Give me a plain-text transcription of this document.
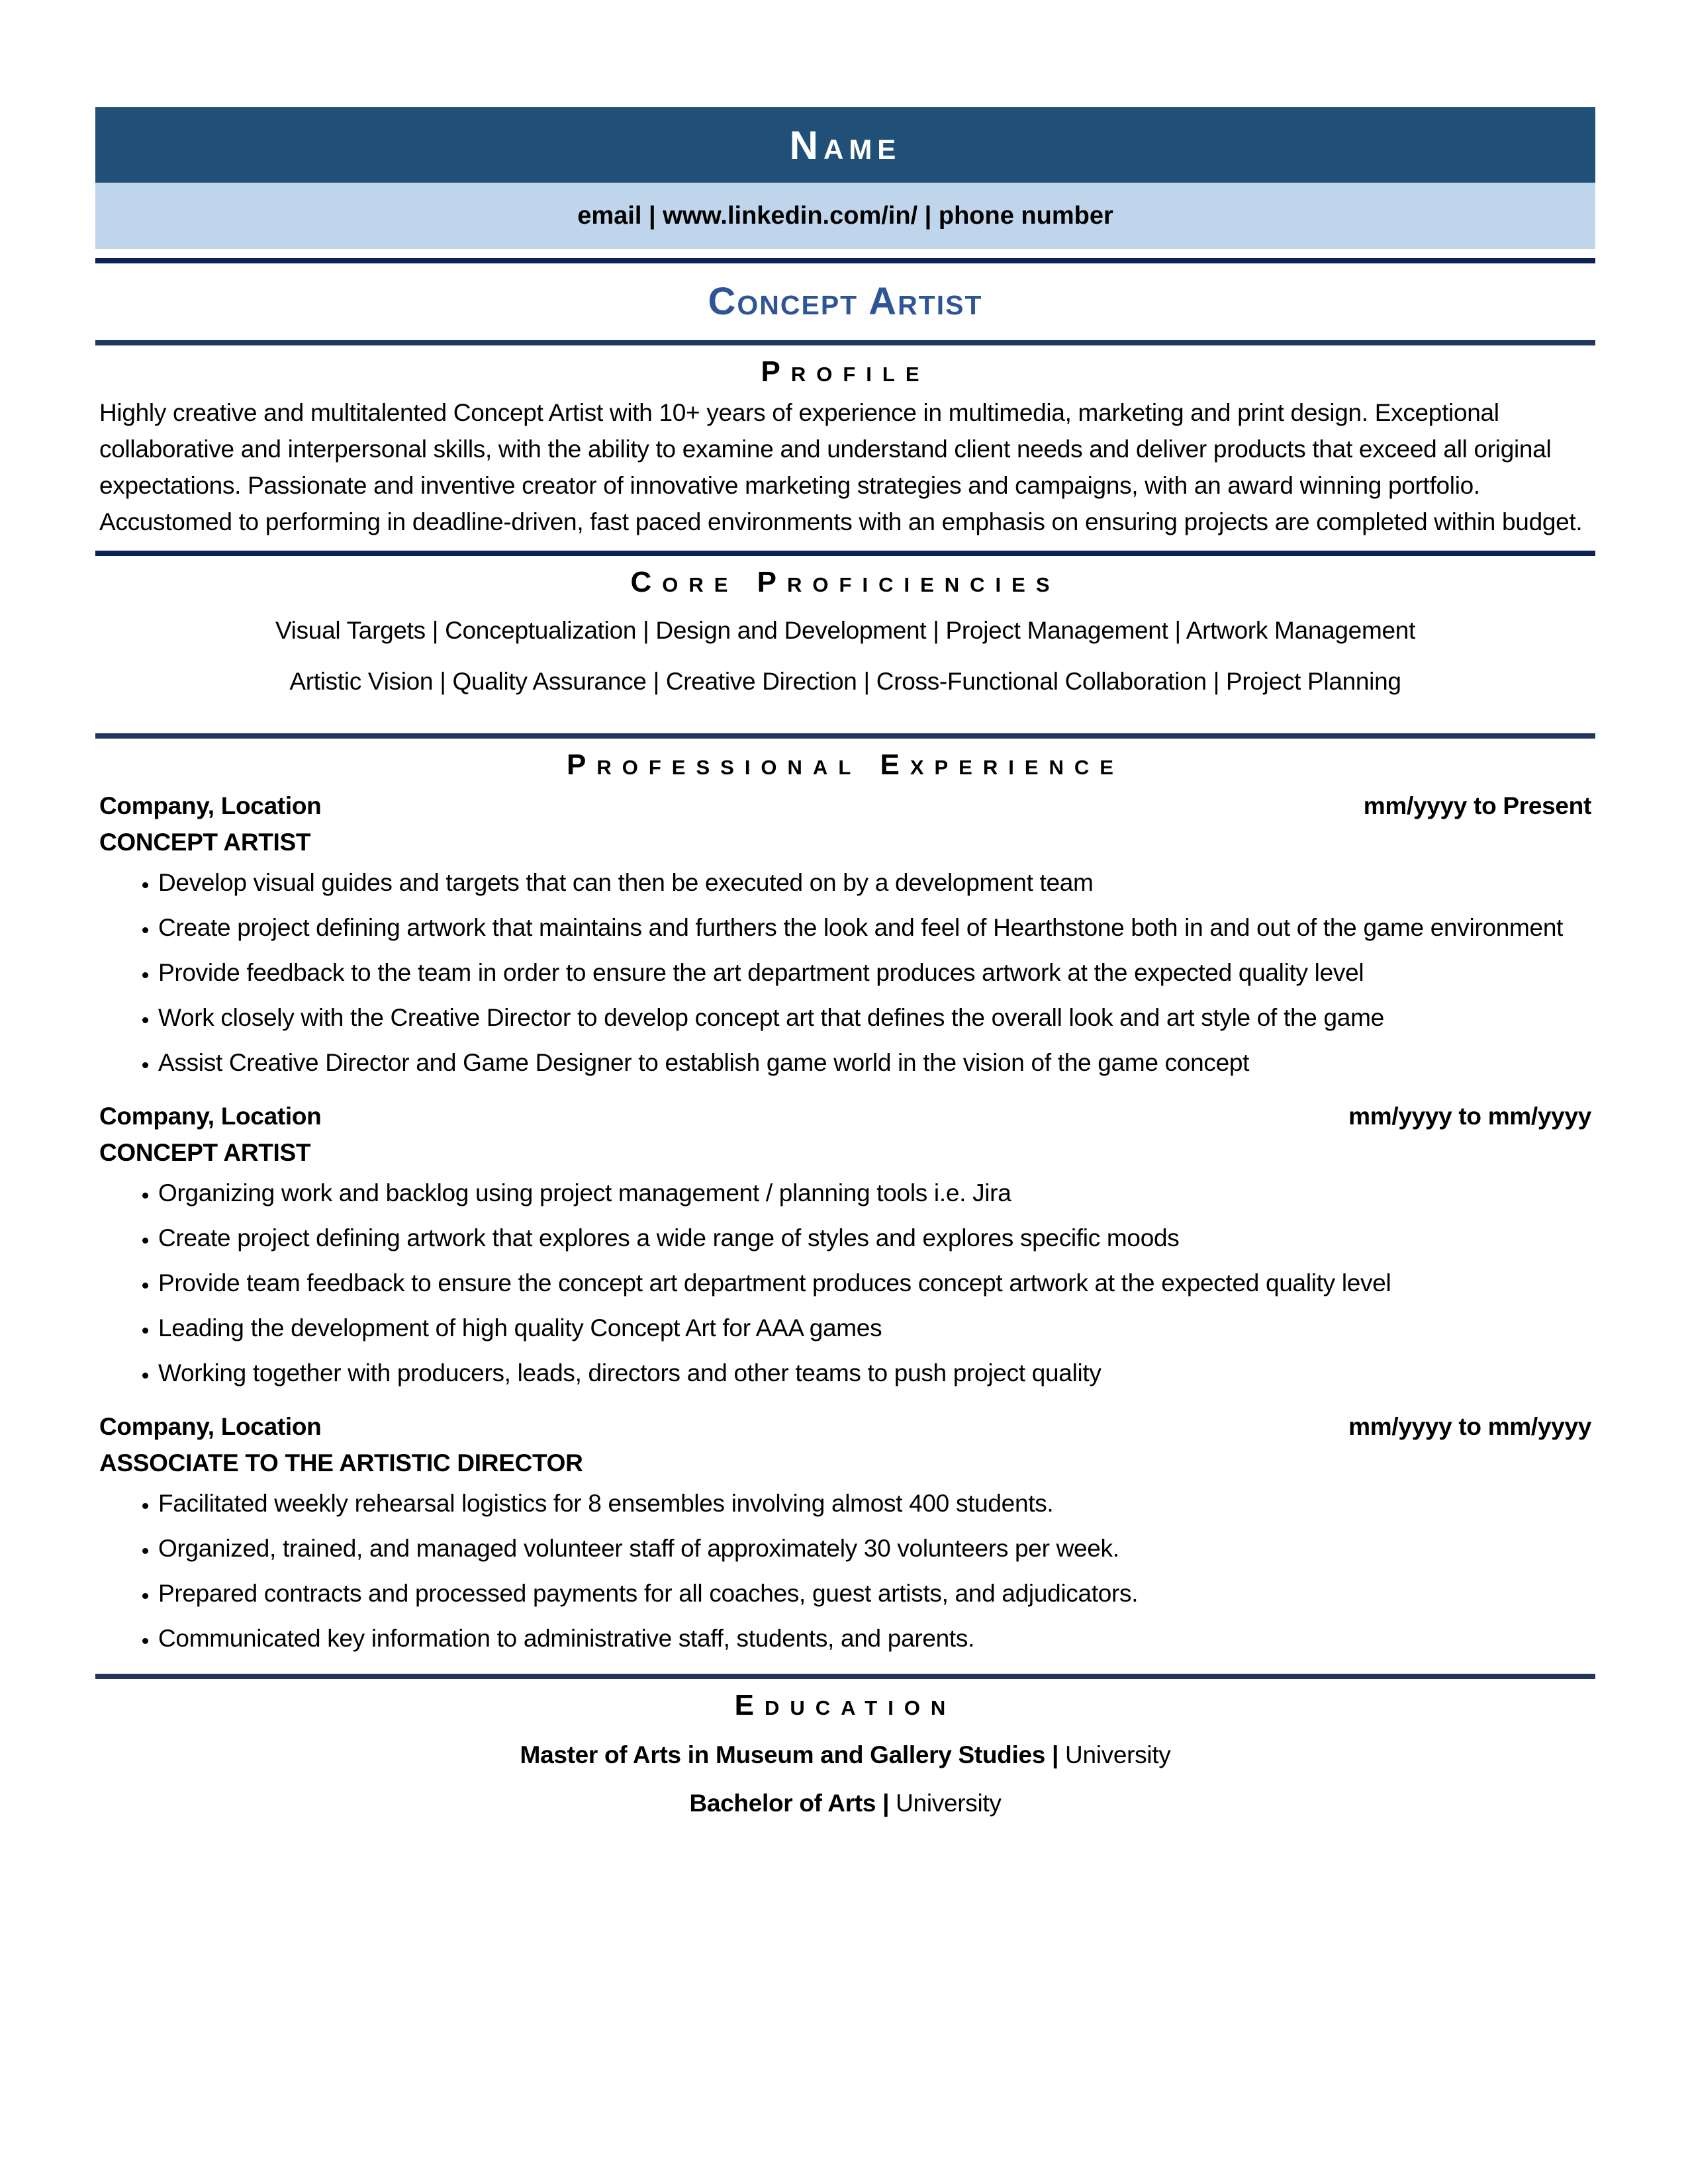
Name
email | www.linkedin.com/in/ | phone number
Concept Artist
Profile
Highly creative and multitalented Concept Artist with 10+ years of experience in multimedia, marketing and print design. Exceptional collaborative and interpersonal skills, with the ability to examine and understand client needs and deliver products that exceed all original expectations. Passionate and inventive creator of innovative marketing strategies and campaigns, with an award winning portfolio. Accustomed to performing in deadline-driven, fast paced environments with an emphasis on ensuring projects are completed within budget.
Core Proficiencies
Visual Targets | Conceptualization | Design and Development | Project Management | Artwork Management
Artistic Vision | Quality Assurance | Creative Direction | Cross-Functional Collaboration | Project Planning
Professional Experience
Company, Location	mm/yyyy to Present
CONCEPT ARTIST
• Develop visual guides and targets that can then be executed on by a development team
• Create project defining artwork that maintains and furthers the look and feel of Hearthstone both in and out of the game environment
• Provide feedback to the team in order to ensure the art department produces artwork at the expected quality level
• Work closely with the Creative Director to develop concept art that defines the overall look and art style of the game
• Assist Creative Director and Game Designer to establish game world in the vision of the game concept
Company, Location	mm/yyyy to mm/yyyy
CONCEPT ARTIST
• Organizing work and backlog using project management / planning tools i.e. Jira
• Create project defining artwork that explores a wide range of styles and explores specific moods
• Provide team feedback to ensure the concept art department produces concept artwork at the expected quality level
• Leading the development of high quality Concept Art for AAA games
• Working together with producers, leads, directors and other teams to push project quality
Company, Location	mm/yyyy to mm/yyyy
ASSOCIATE TO THE ARTISTIC DIRECTOR
• Facilitated weekly rehearsal logistics for 8 ensembles involving almost 400 students.
• Organized, trained, and managed volunteer staff of approximately 30 volunteers per week.
• Prepared contracts and processed payments for all coaches, guest artists, and adjudicators.
• Communicated key information to administrative staff, students, and parents.
Education
Master of Arts in Museum and Gallery Studies | University
Bachelor of Arts | University
